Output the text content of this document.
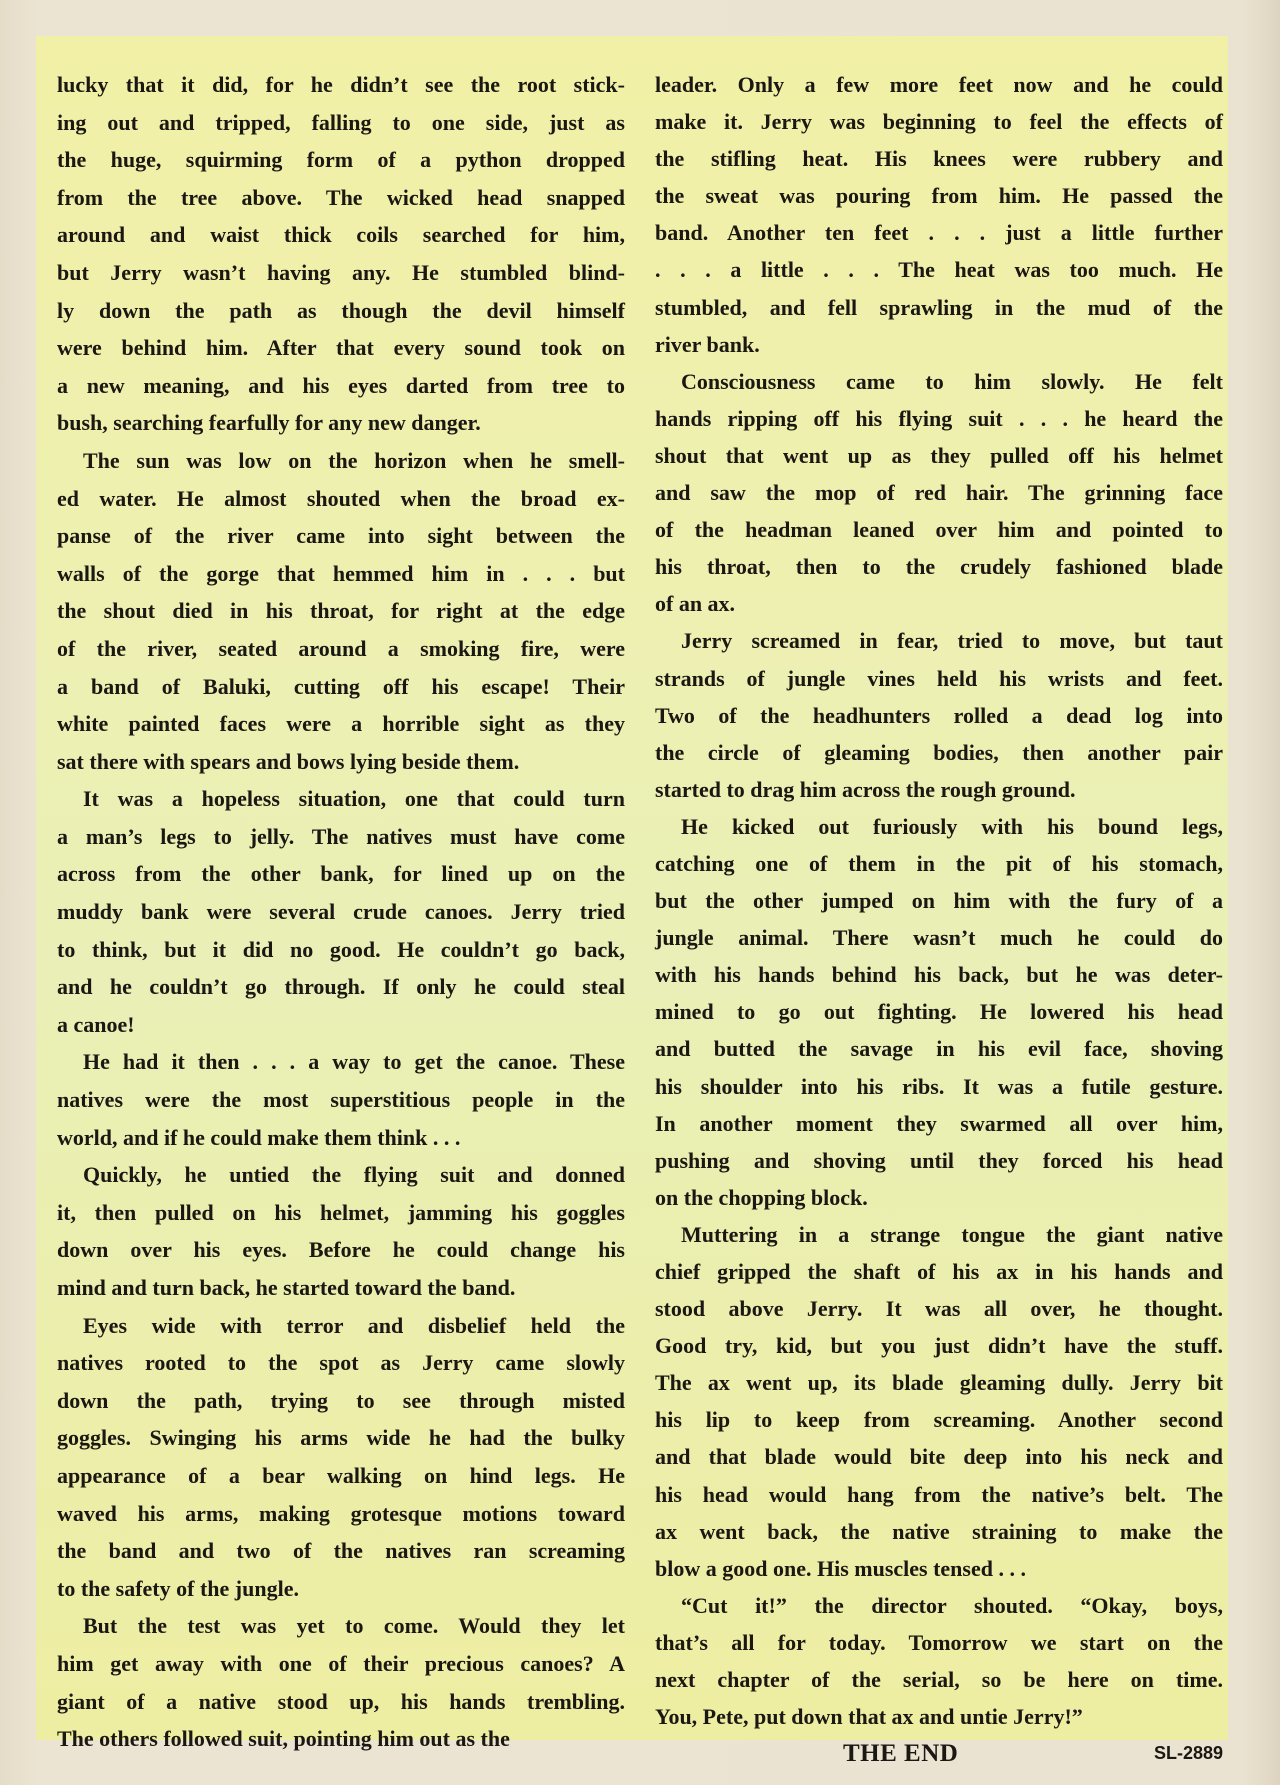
lucky that it did, for he didn’t see the root stick-
ing out and tripped, falling to one side, just as
the huge, squirming form of a python dropped
from the tree above. The wicked head snapped
around and waist thick coils searched for him,
but Jerry wasn’t having any. He stumbled blind-
ly down the path as though the devil himself
were behind him. After that every sound took on
a new meaning, and his eyes darted from tree to
bush, searching fearfully for any new danger.
The sun was low on the horizon when he smell-
ed water. He almost shouted when the broad ex-
panse of the river came into sight between the
walls of the gorge that hemmed him in . . . but
the shout died in his throat, for right at the edge
of the river, seated around a smoking fire, were
a band of Baluki, cutting off his escape! Their
white painted faces were a horrible sight as they
sat there with spears and bows lying beside them.
It was a hopeless situation, one that could turn
a man’s legs to jelly. The natives must have come
across from the other bank, for lined up on the
muddy bank were several crude canoes. Jerry tried
to think, but it did no good. He couldn’t go back,
and he couldn’t go through. If only he could steal
a canoe!
He had it then . . . a way to get the canoe. These
natives were the most superstitious people in the
world, and if he could make them think . . .
Quickly, he untied the flying suit and donned
it, then pulled on his helmet, jamming his goggles
down over his eyes. Before he could change his
mind and turn back, he started toward the band.
Eyes wide with terror and disbelief held the
natives rooted to the spot as Jerry came slowly
down the path, trying to see through misted
goggles. Swinging his arms wide he had the bulky
appearance of a bear walking on hind legs. He
waved his arms, making grotesque motions toward
the band and two of the natives ran screaming
to the safety of the jungle.
But the test was yet to come. Would they let
him get away with one of their precious canoes? A
giant of a native stood up, his hands trembling.
The others followed suit, pointing him out as the
leader. Only a few more feet now and he could
make it. Jerry was beginning to feel the effects of
the stifling heat. His knees were rubbery and
the sweat was pouring from him. He passed the
band. Another ten feet . . . just a little further
. . . a little . . . The heat was too much. He
stumbled, and fell sprawling in the mud of the
river bank.
Consciousness came to him slowly. He felt
hands ripping off his flying suit . . . he heard the
shout that went up as they pulled off his helmet
and saw the mop of red hair. The grinning face
of the headman leaned over him and pointed to
his throat, then to the crudely fashioned blade
of an ax.
Jerry screamed in fear, tried to move, but taut
strands of jungle vines held his wrists and feet.
Two of the headhunters rolled a dead log into
the circle of gleaming bodies, then another pair
started to drag him across the rough ground.
He kicked out furiously with his bound legs,
catching one of them in the pit of his stomach,
but the other jumped on him with the fury of a
jungle animal. There wasn’t much he could do
with his hands behind his back, but he was deter-
mined to go out fighting. He lowered his head
and butted the savage in his evil face, shoving
his shoulder into his ribs. It was a futile gesture.
In another moment they swarmed all over him,
pushing and shoving until they forced his head
on the chopping block.
Muttering in a strange tongue the giant native
chief gripped the shaft of his ax in his hands and
stood above Jerry. It was all over, he thought.
Good try, kid, but you just didn’t have the stuff.
The ax went up, its blade gleaming dully. Jerry bit
his lip to keep from screaming. Another second
and that blade would bite deep into his neck and
his head would hang from the native’s belt. The
ax went back, the native straining to make the
blow a good one. His muscles tensed . . .
“Cut it!” the director shouted. “Okay, boys,
that’s all for today. Tomorrow we start on the
next chapter of the serial, so be here on time.
You, Pete, put down that ax and untie Jerry!”
THE END	SL-2889
